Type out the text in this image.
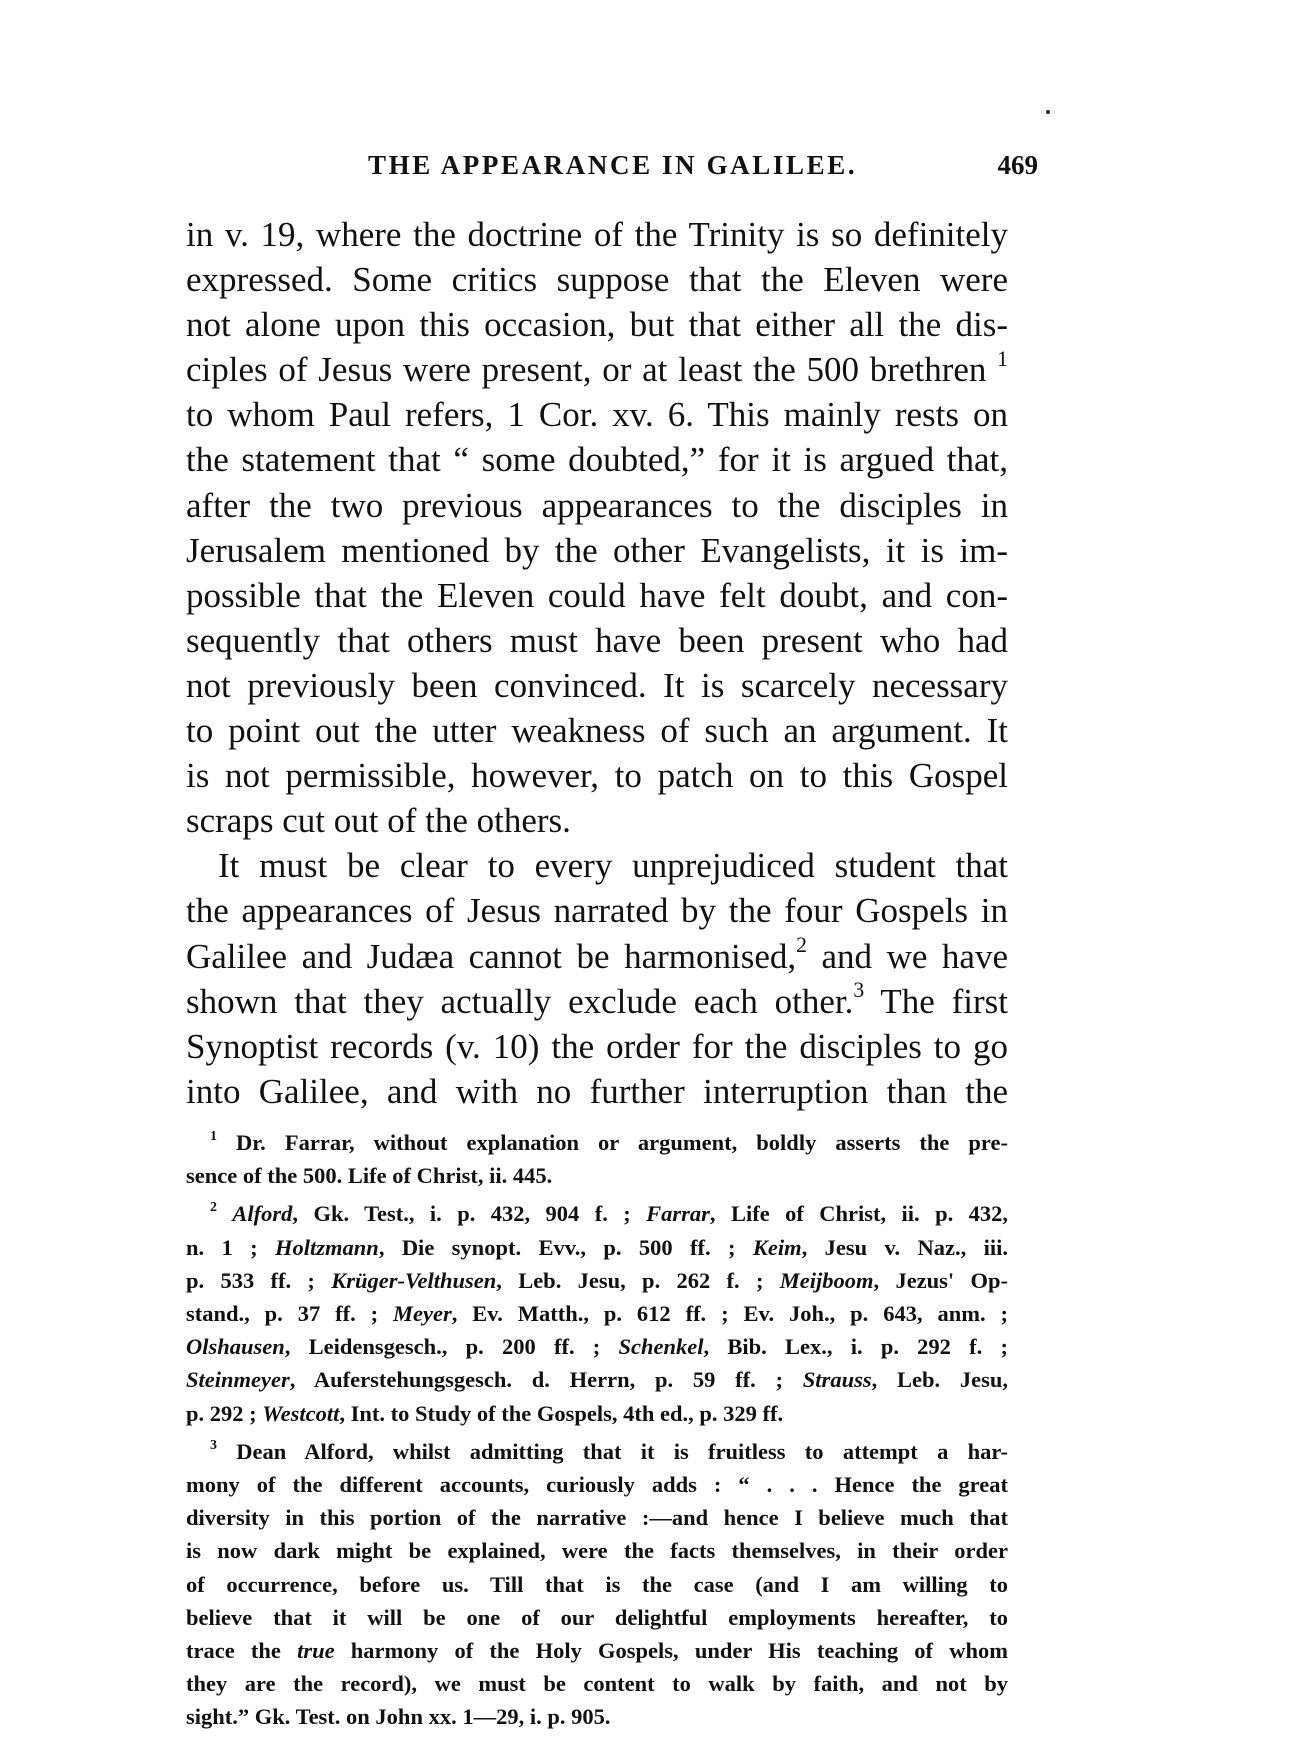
THE APPEARANCE IN GALILEE.	469
in v. 19, where the doctrine of the Trinity is so definitely
expressed. Some critics suppose that the Eleven were
not alone upon this occasion, but that either all the dis-
ciples of Jesus were present, or at least the 500 brethren $^1$
to whom Paul refers, 1 Cor. xv. 6. This mainly rests on
the statement that “ some doubted,” for it is argued that,
after the two previous appearances to the disciples in
Jerusalem mentioned by the other Evangelists, it is im-
possible that the Eleven could have felt doubt, and con-
sequently that others must have been present who had
not previously been convinced. It is scarcely necessary
to point out the utter weakness of such an argument. It
is not permissible, however, to patch on to this Gospel
scraps cut out of the others.
It must be clear to every unprejudiced student that
the appearances of Jesus narrated by the four Gospels in
Galilee and Judæa cannot be harmonised,$^2$ and we have
shown that they actually exclude each other.$^3$ The first
Synoptist records (v. 10) the order for the disciples to go
into Galilee, and with no further interruption than the
$^1$ Dr. Farrar, without explanation or argument, boldly asserts the pre-
sence of the 500. Life of Christ, ii. 445.
$^2$ Alford, Gk. Test., i. p. 432, 904 f. ; Farrar, Life of Christ, ii. p. 432,
n. 1 ; Holtzmann, Die synopt. Evv., p. 500 ff. ; Keim, Jesu v. Naz., iii.
p. 533 ff. ; Krüger-Velthusen, Leb. Jesu, p. 262 f. ; Meijboom, Jezus' Op-
stand., p. 37 ff. ; Meyer, Ev. Matth., p. 612 ff. ; Ev. Joh., p. 643, anm. ;
Olshausen, Leidensgesch., p. 200 ff. ; Schenkel, Bib. Lex., i. p. 292 f. ;
Steinmeyer, Auferstehungsgesch. d. Herrn, p. 59 ff. ; Strauss, Leb. Jesu,
p. 292 ; Westcott, Int. to Study of the Gospels, 4th ed., p. 329 ff.
$^3$ Dean Alford, whilst admitting that it is fruitless to attempt a har-
mony of the different accounts, curiously adds : “ . . . Hence the great
diversity in this portion of the narrative :—and hence I believe much that
is now dark might be explained, were the facts themselves, in their order
of occurrence, before us. Till that is the case (and I am willing to
believe that it will be one of our delightful employments hereafter, to
trace the true harmony of the Holy Gospels, under His teaching of whom
they are the record), we must be content to walk by faith, and not by
sight.” Gk. Test. on John xx. 1—29, i. p. 905.
